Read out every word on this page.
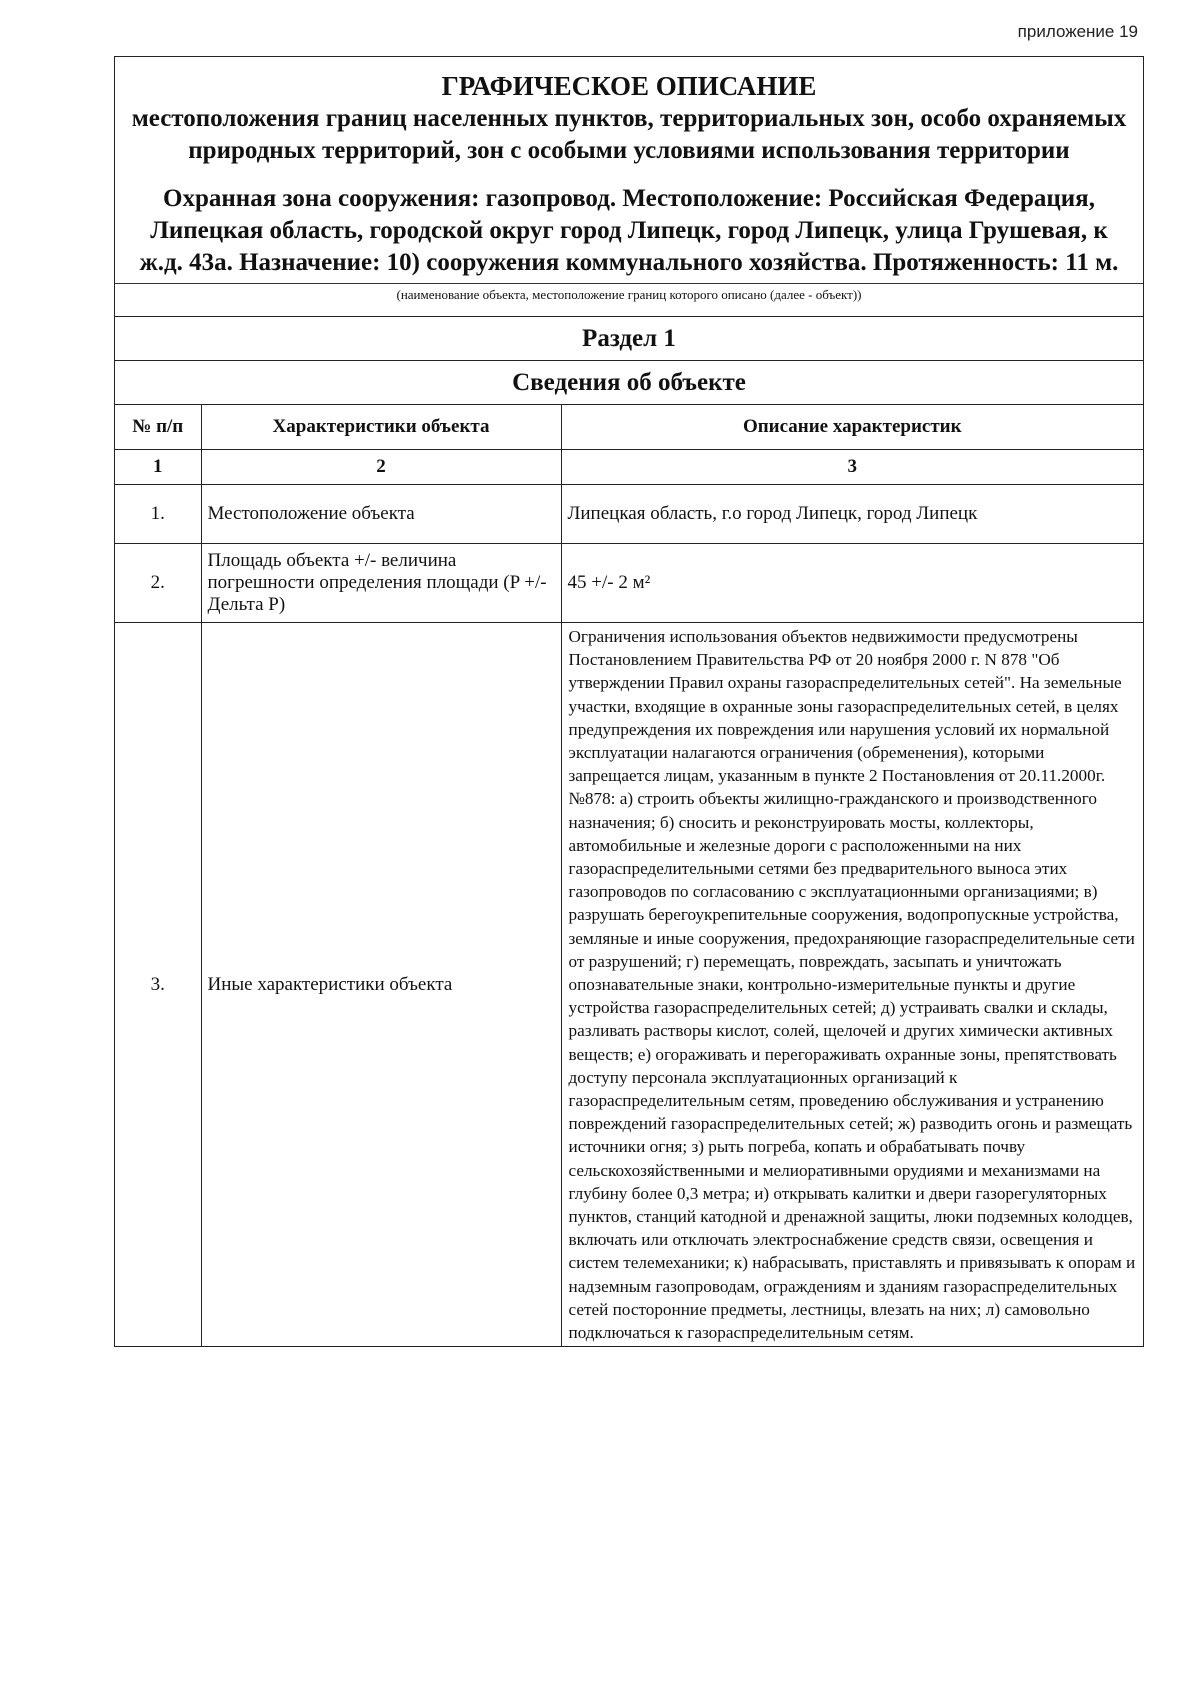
приложение 19
ГРАФИЧЕСКОЕ ОПИСАНИЕ
местоположения границ населенных пунктов, территориальных зон, особо охраняемых природных территорий, зон с особыми условиями использования территории
Охранная зона сооружения: газопровод. Местоположение: Российская Федерация, Липецкая область, городской округ город Липецк, город Липецк, улица Грушевая, к ж.д. 43а. Назначение: 10) сооружения коммунального хозяйства. Протяженность: 11 м.
(наименование объекта, местоположение границ которого описано (далее - объект))
Раздел 1
Сведения об объекте
№ п/п	Характеристики объекта	Описание характеристик
1	2	3
1.	Местоположение объекта	Липецкая область, г.о город Липецк, город Липецк
2.	Площадь объекта +/- величина погрешности определения площади (P +/- Дельта P)	45 +/- 2 м²
3.	Иные характеристики объекта	Ограничения использования объектов недвижимости предусмотрены Постановлением Правительства РФ от 20 ноября 2000 г. N 878 "Об утверждении Правил охраны газораспределительных сетей". На земельные участки, входящие в охранные зоны газораспределительных сетей, в целях предупреждения их повреждения или нарушения условий их нормальной эксплуатации налагаются ограничения (обременения), которыми запрещается лицам, указанным в пункте 2 Постановления от 20.11.2000г. №878: а) строить объекты жилищно-гражданского и производственного назначения; б) сносить и реконструировать мосты, коллекторы, автомобильные и железные дороги с расположенными на них газораспределительными сетями без предварительного выноса этих газопроводов по согласованию с эксплуатационными организациями; в) разрушать берегоукрепительные сооружения, водопропускные устройства, земляные и иные сооружения, предохраняющие газораспределительные сети от разрушений; г) перемещать, повреждать, засыпать и уничтожать опознавательные знаки, контрольно-измерительные пункты и другие устройства газораспределительных сетей; д) устраивать свалки и склады, разливать растворы кислот, солей, щелочей и других химически активных веществ; е) огораживать и перегораживать охранные зоны, препятствовать доступу персонала эксплуатационных организаций к газораспределительным сетям, проведению обслуживания и устранению повреждений газораспределительных сетей; ж) разводить огонь и размещать источники огня; з) рыть погреба, копать и обрабатывать почву сельскохозяйственными и мелиоративными орудиями и механизмами на глубину более 0,3 метра; и) открывать калитки и двери газорегуляторных пунктов, станций катодной и дренажной защиты, люки подземных колодцев, включать или отключать электроснабжение средств связи, освещения и систем телемеханики; к) набрасывать, приставлять и привязывать к опорам и надземным газопроводам, ограждениям и зданиям газораспределительных сетей посторонние предметы, лестницы, влезать на них; л) самовольно подключаться к газораспределительным сетям.
